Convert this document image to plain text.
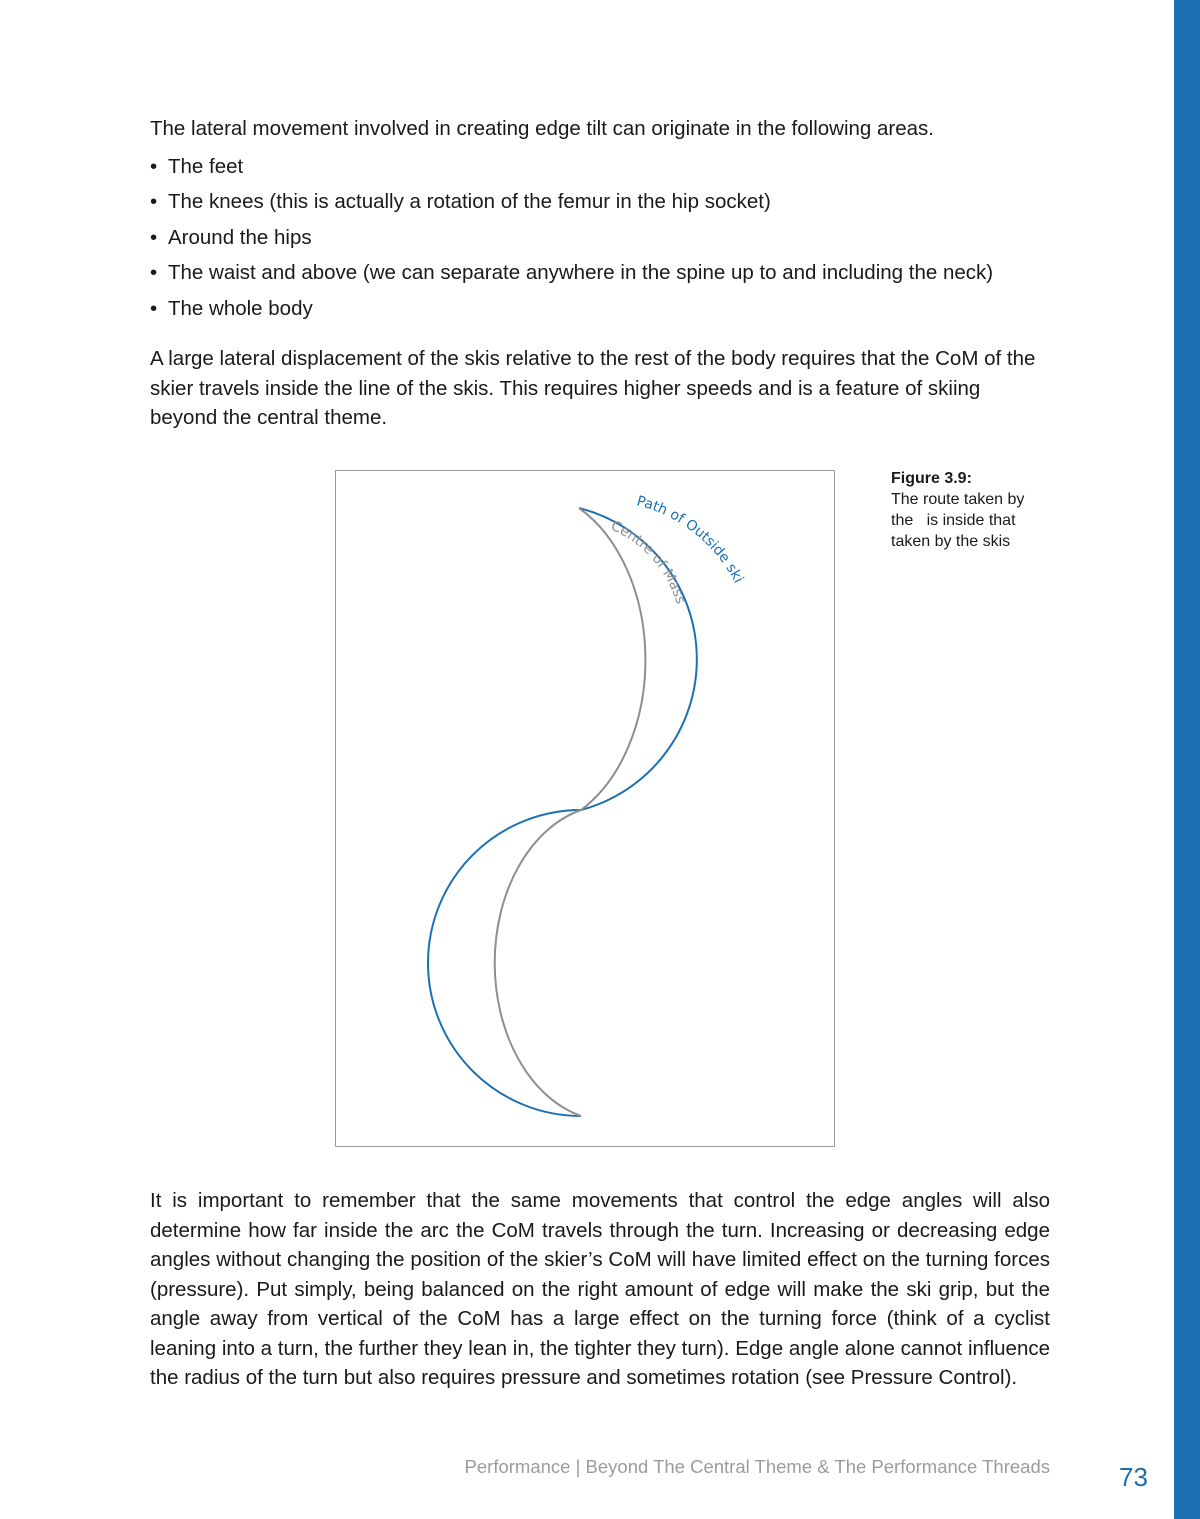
The lateral movement involved in creating edge tilt can originate in the following areas.

• The feet
• The knees (this is actually a rotation of the femur in the hip socket)
• Around the hips
• The waist and above (we can separate anywhere in the spine up to and including the neck)
• The whole body

A large lateral displacement of the skis relative to the rest of the body requires that the CoM of the skier travels inside the line of the skis. This requires higher speeds and is a feature of skiing beyond the central theme.

Path of Outside ski
Centre of Mass
Figure 3.9:
The route taken by
the   is inside that
taken by the skis

It is important to remember that the same movements that control the edge angles will also determine how far inside the arc the CoM travels through the turn. Increasing or decreasing edge angles without changing the position of the skier’s CoM will have limited effect on the turning forces (pressure). Put simply, being balanced on the right amount of edge will make the ski grip, but the angle away from vertical of the CoM has a large effect on the turning force (think of a cyclist leaning into a turn, the further they lean in, the tighter they turn). Edge angle alone cannot influence the radius of the turn but also requires pressure and sometimes rotation (see Pressure Control).

Performance | Beyond The Central Theme & The Performance Threads	73
